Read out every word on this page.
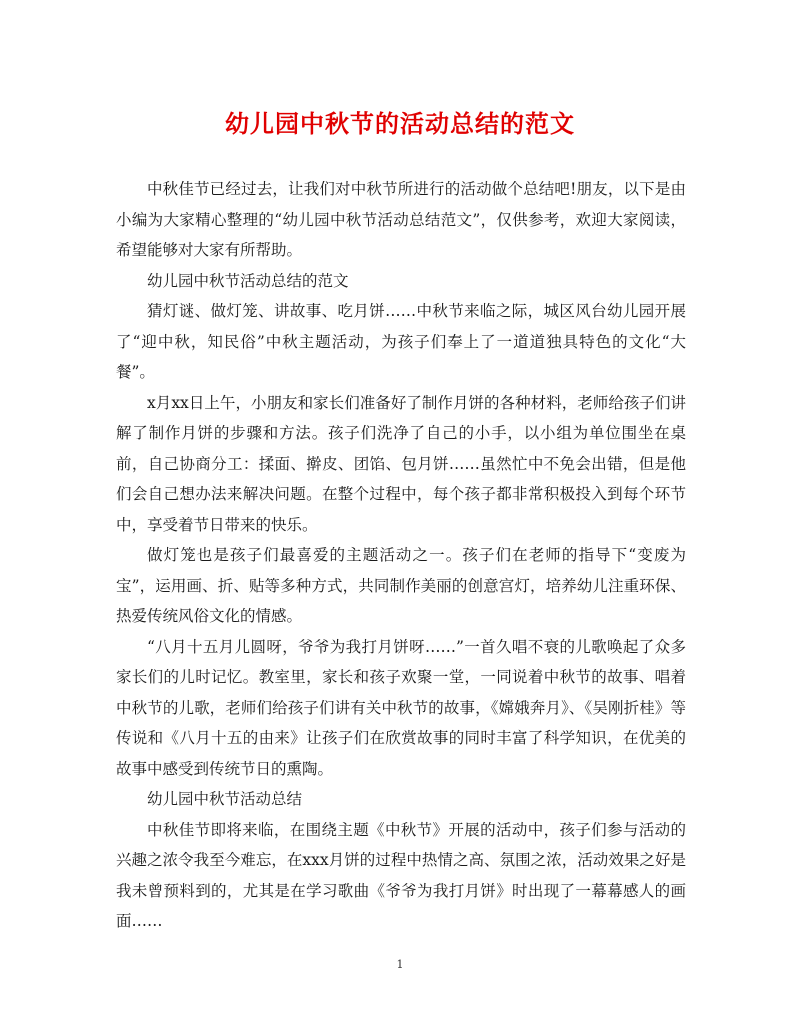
幼儿园中秋节的活动总结的范文

中秋佳节已经过去，让我们对中秋节所进行的活动做个总结吧!朋友，以下是由小编为大家精心整理的“幼儿园中秋节活动总结范文”，仅供参考，欢迎大家阅读，希望能够对大家有所帮助。

幼儿园中秋节活动总结的范文

猜灯谜、做灯笼、讲故事、吃月饼……中秋节来临之际，城区风台幼儿园开展了“迎中秋，知民俗”中秋主题活动，为孩子们奉上了一道道独具特色的文化“大餐”。

x月xx日上午，小朋友和家长们准备好了制作月饼的各种材料，老师给孩子们讲解了制作月饼的步骤和方法。孩子们洗净了自己的小手，以小组为单位围坐在桌前，自己协商分工：揉面、擀皮、团馅、包月饼……虽然忙中不免会出错，但是他们会自己想办法来解决问题。在整个过程中，每个孩子都非常积极投入到每个环节中，享受着节日带来的快乐。

做灯笼也是孩子们最喜爱的主题活动之一。孩子们在老师的指导下“变废为宝”，运用画、折、贴等多种方式，共同制作美丽的创意宫灯，培养幼儿注重环保、热爱传统风俗文化的情感。

“八月十五月儿圆呀，爷爷为我打月饼呀……”一首久唱不衰的儿歌唤起了众多家长们的儿时记忆。教室里，家长和孩子欢聚一堂，一同说着中秋节的故事、唱着中秋节的儿歌，老师们给孩子们讲有关中秋节的故事，《嫦娥奔月》、《吴刚折桂》等传说和《八月十五的由来》让孩子们在欣赏故事的同时丰富了科学知识，在优美的故事中感受到传统节日的熏陶。

幼儿园中秋节活动总结

中秋佳节即将来临，在围绕主题《中秋节》开展的活动中，孩子们参与活动的兴趣之浓令我至今难忘，在xxx月饼的过程中热情之高、氛围之浓，活动效果之好是我未曾预料到的，尤其是在学习歌曲《爷爷为我打月饼》时出现了一幕幕感人的画面……

1
